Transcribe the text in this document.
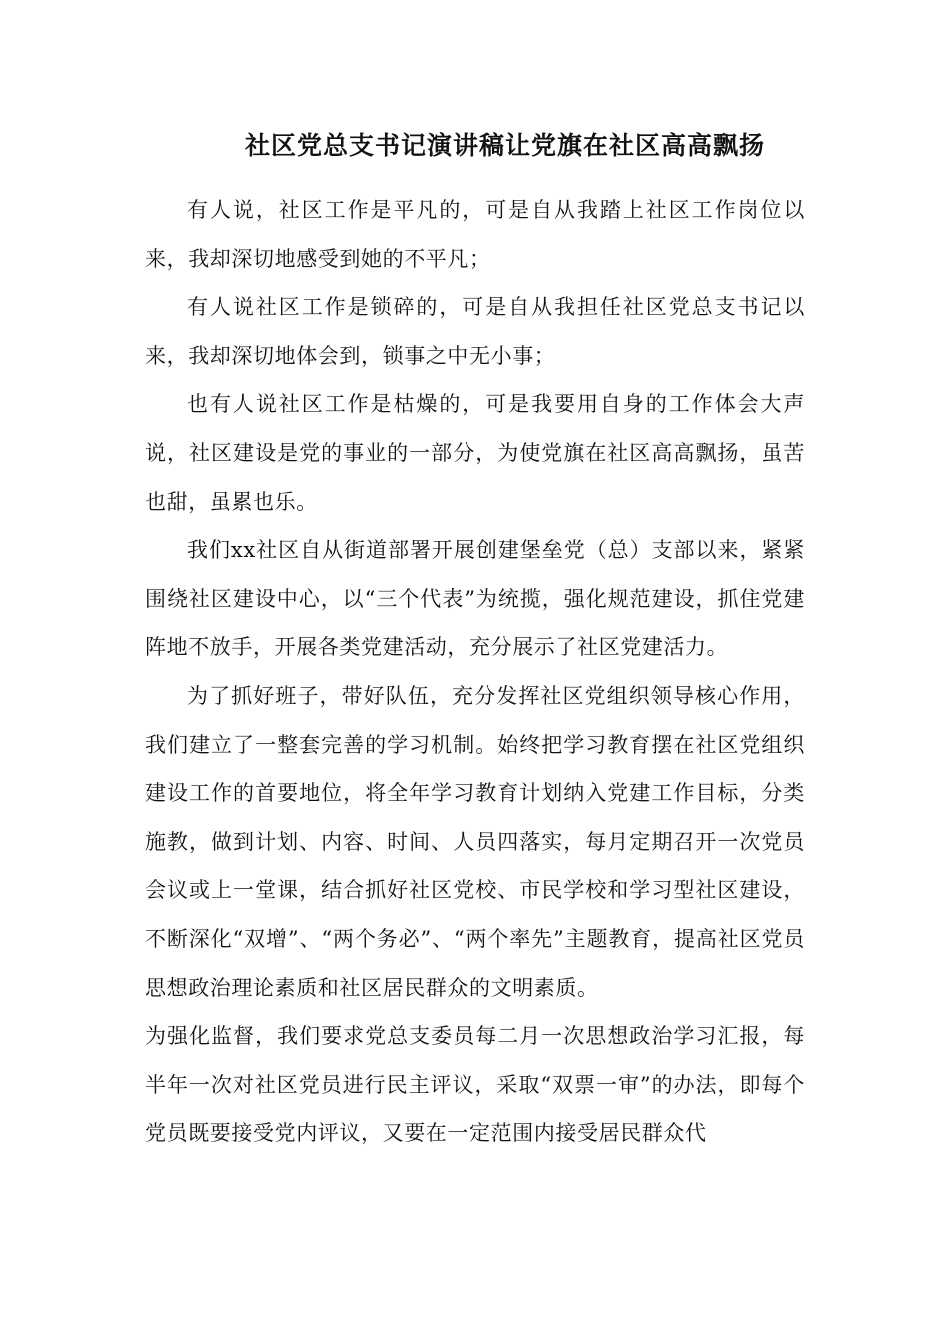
社区党总支书记演讲稿让党旗在社区高高飘扬

有人说，社区工作是平凡的，可是自从我踏上社区工作岗位以来，我却深切地感受到她的不平凡；

有人说社区工作是锁碎的，可是自从我担任社区党总支书记以来，我却深切地体会到，锁事之中无小事；

也有人说社区工作是枯燥的，可是我要用自身的工作体会大声说，社区建设是党的事业的一部分，为使党旗在社区高高飘扬，虽苦也甜，虽累也乐。

我们xx社区自从街道部署开展创建堡垒党（总）支部以来，紧紧围绕社区建设中心，以“三个代表”为统揽，强化规范建设，抓住党建阵地不放手，开展各类党建活动，充分展示了社区党建活力。

为了抓好班子，带好队伍，充分发挥社区党组织领导核心作用，我们建立了一整套完善的学习机制。始终把学习教育摆在社区党组织建设工作的首要地位，将全年学习教育计划纳入党建工作目标，分类施教，做到计划、内容、时间、人员四落实，每月定期召开一次党员会议或上一堂课，结合抓好社区党校、市民学校和学习型社区建设，不断深化“双增”、“两个务必”、“两个率先”主题教育，提高社区党员思想政治理论素质和社区居民群众的文明素质。

为强化监督，我们要求党总支委员每二月一次思想政治学习汇报，每半年一次对社区党员进行民主评议，采取“双票一审”的办法，即每个党员既要接受党内评议，又要在一定范围内接受居民群众代
